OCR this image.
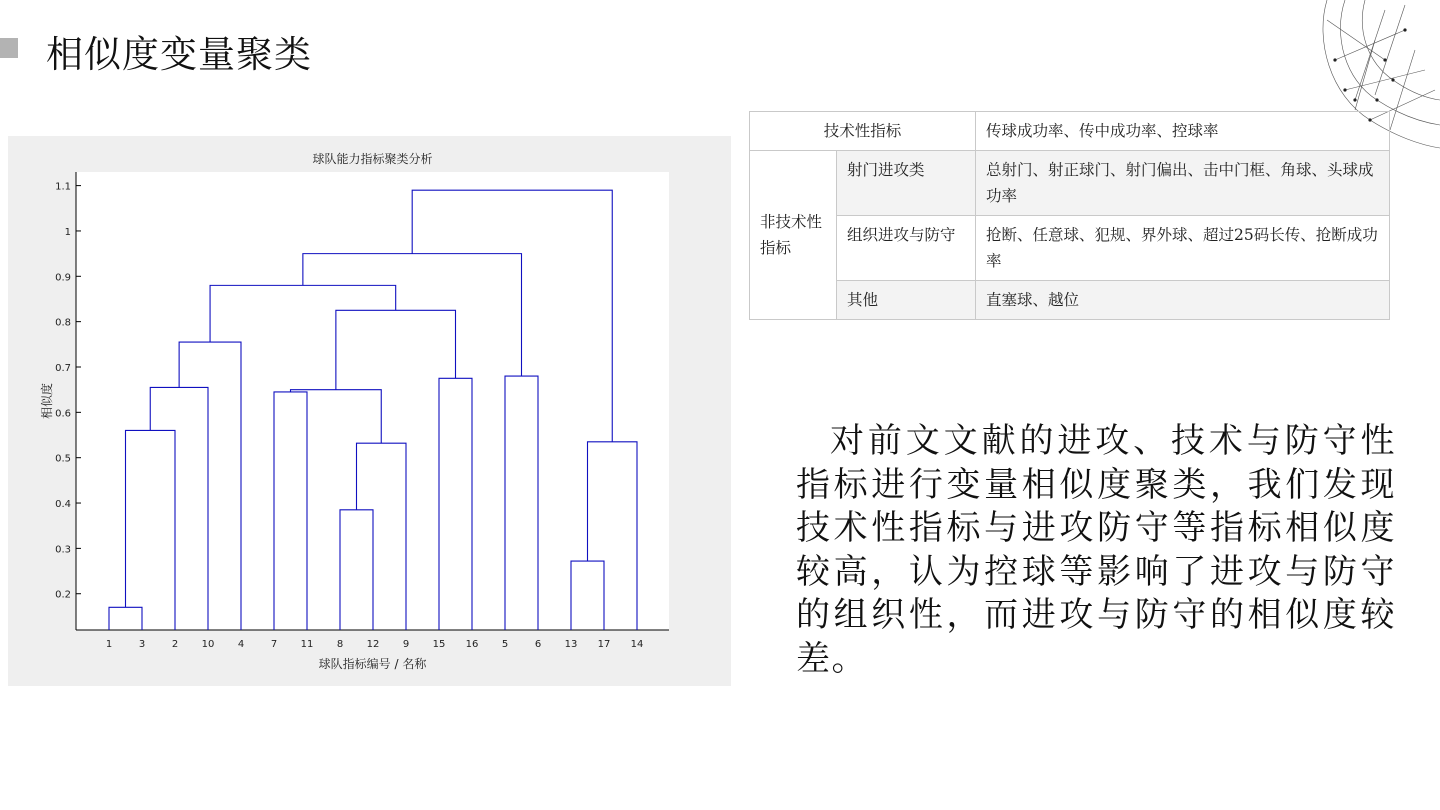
相似度变量聚类
球队能力指标聚类分析
球队指标编号 / 名称
相似度
1	3	2 10 4	7 11 8 12 9 15 16 5	6 13 17 14
0.2
0.3
0.4
0.5
0.6
0.7
0.8
0.9
1
1.1
技术性指标		传球成功率、传中成功率、控球率
非技术性指标	射门进攻类	总射门、射正球门、射门偏出、击中门框、角球、头球成功率
	组织进攻与防守	抢断、任意球、犯规、界外球、超过25码长传、抢断成功率
	其他	直塞球、越位

对前文文献的进攻、技术与防守性指标进行变量相似度聚类，我们发现技术性指标与进攻防守等指标相似度较高，认为控球等影响了进攻与防守的组织性，而进攻与防守的相似度较差。
